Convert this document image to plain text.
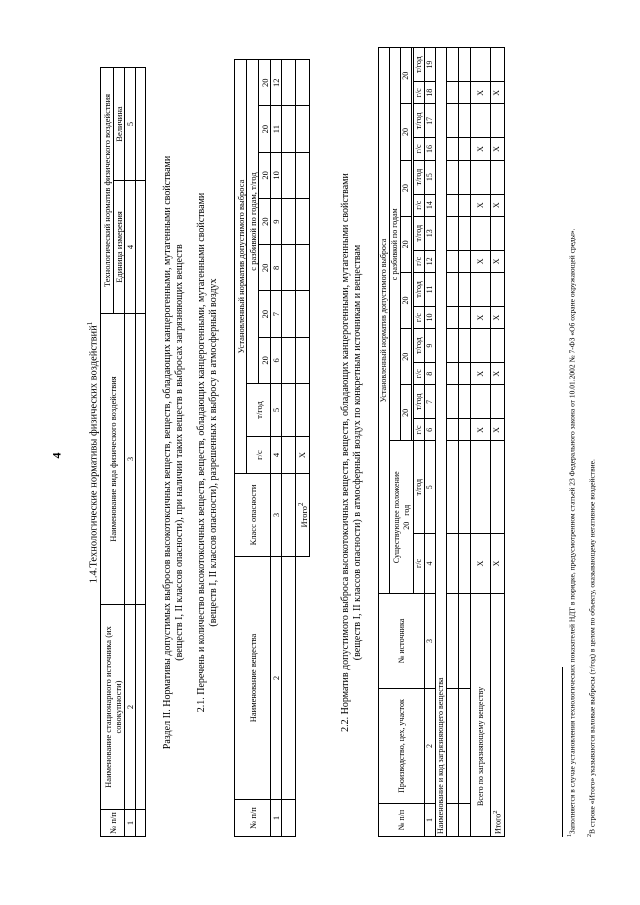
4 1.4.Технологические нормативы физических воздействий$^1$
№ п/п	Наименование стационарного источника (их совокупности)	Наименование вида физического воздействия	Технологический норматив физического воздействия	
			Единица измерения	Величина
1	2	3	4	5

Раздел II. Нормативы допустимых выбросов высокотоксичных веществ, веществ, обладающих канцерогенными, мутагенными свойствами (веществ I, II классов опасности), при наличии таких веществ в выбросах загрязняющих веществ 2.1. Перечень и количество высокотоксичных веществ, веществ, обладающих канцерогенными, мутагенными свойствами (веществ I, II классов опасности), разрешенных к выбросу в атмосферный воздух
№ п/п	Наименование вещества	Класс опасности	Установленный норматив допустимого выброса								
			г/с	т/год	с разбивкой по годам, т/год						
					20	20	20	20	20	20	20
1	2	3	4	5	6	7	8	9	10	11	12

		Итого$^2$	X									2.2. Норматив допустимого выброса высокотоксичных веществ, веществ, обладающих канцерогенными, мутагенными свойствами (веществ I, II классов опасности) в атмосферный воздух по конкретным источникам и веществам
№ п/п	Производство, цех, участок	№ источника	Установленный норматив допустимого выброса															

			Существующее положение 20   год		с разбивкой по годам													
					20		20		20		20		20		20		20	

			г/с	т/год	г/с	т/год	г/с	т/год	г/с	т/год	г/с	т/год	г/с	т/год	г/с	т/год	г/с	т/год
1	2	3	4	5	6	7	8	9	10	11	12	13	14	15	16	17	18	19
Наименование и код загрязняющего вещества																		

Всего по загрязняющему веществу			X		X		X		X		X		X		X		X	
Итого$^2$			X		X		X		X		X		X		X		X	
$^1$Заполняется в случае установления технологических показателей НДТ в порядке, предусмотренном статьей 23 Федерального закона от 10.01.2002 № 7-ФЗ «Об охране окружающей среды».
$^2$В строке «Итого» указываются валовые выбросы (т/год) в целом по объекту, оказывающему негативное воздействие.
